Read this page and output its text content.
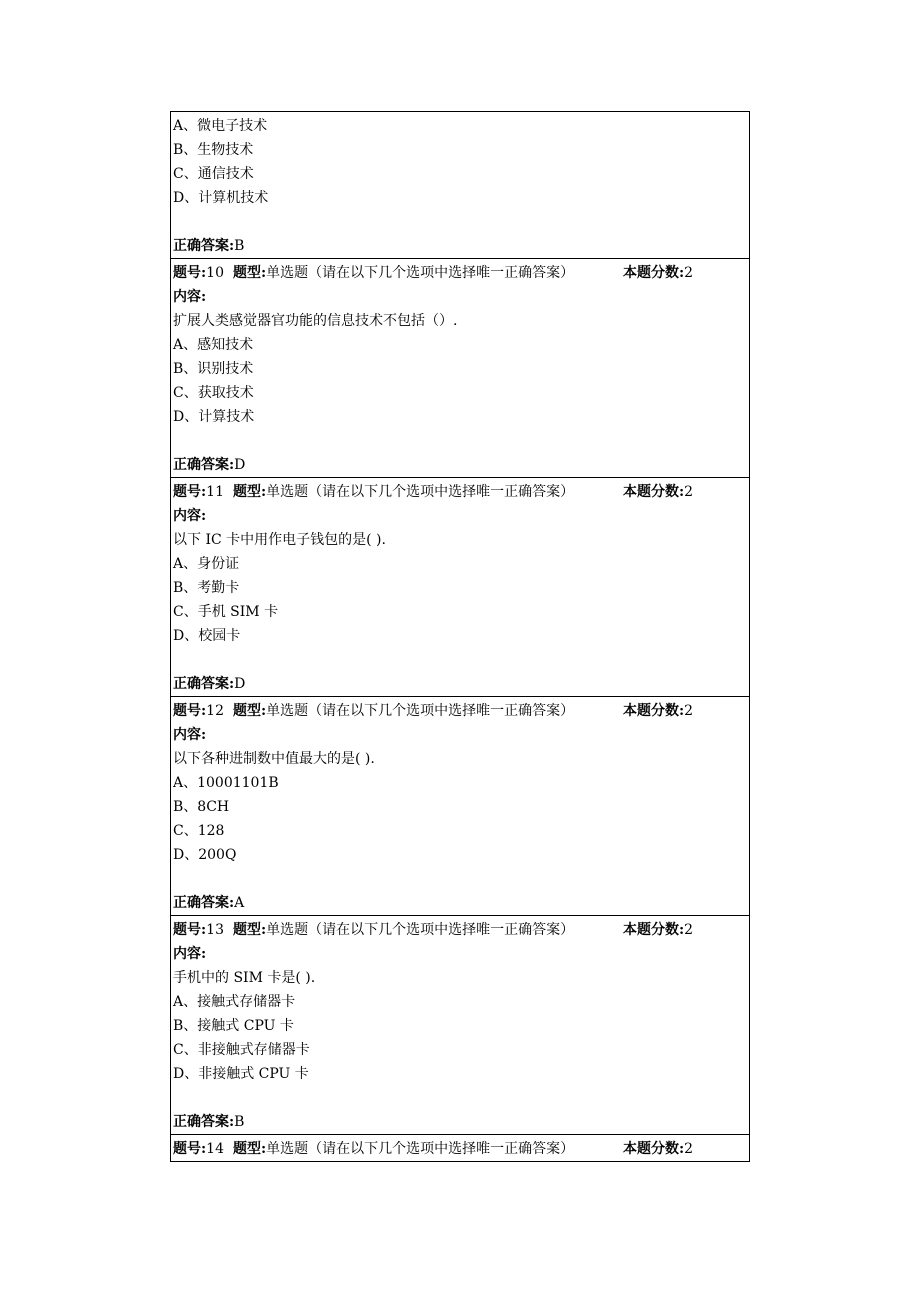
A、微电子技术
B、生物技术
C、通信技术
D、计算机技术
正确答案:B
题号:10 题型:单选题（请在以下几个选项中选择唯一正确答案）	本题分数:2
内容:
扩展人类感觉器官功能的信息技术不包括（）.
A、感知技术
B、识别技术
C、获取技术
D、计算技术
正确答案:D
题号:11 题型:单选题（请在以下几个选项中选择唯一正确答案）	本题分数:2
内容:
以下 IC 卡中用作电子钱包的是( ).
A、身份证
B、考勤卡
C、手机 SIM 卡
D、校园卡
正确答案:D
题号:12 题型:单选题（请在以下几个选项中选择唯一正确答案）	本题分数:2
内容:
以下各种进制数中值最大的是( ).
A、10001101B
B、8CH
C、128
D、200Q
正确答案:A
题号:13 题型:单选题（请在以下几个选项中选择唯一正确答案）	本题分数:2
内容:
手机中的 SIM 卡是( ).
A、接触式存储器卡
B、接触式 CPU 卡
C、非接触式存储器卡
D、非接触式 CPU 卡
正确答案:B
题号:14 题型:单选题（请在以下几个选项中选择唯一正确答案）	本题分数:2
